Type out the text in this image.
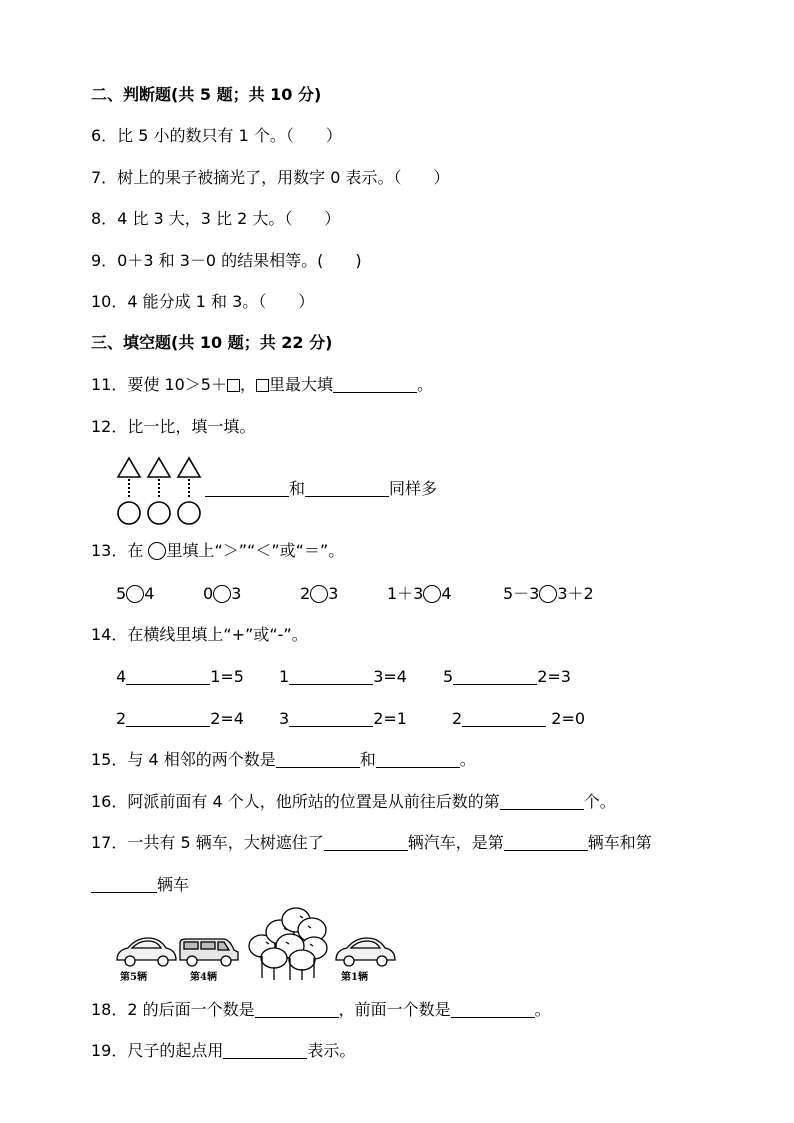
二、判断题(共 5 题；共 10 分)
6．比 5 小的数只有 1 个。（　　）
7．树上的果子被摘光了，用数字 0 表示。（　　）
8．4 比 3 大，3 比 2 大。（　　）
9．0＋3 和 3－0 的结果相等。(　　)
10．4 能分成 1 和 3。（　　）
三、填空题(共 10 题；共 22 分)
11．要使 10＞5＋ ， 里最大填	。
12．比一比，填一填。
和	同样多
13．在 里填上“＞”“＜”或“＝”。
5 4	0 3	2 3	1＋3 4	5－3 3＋2
14．在横线里填上“+”或“-”。
4	1=5 1	3=4 5	2=3
2	2=4 3	2=1	2	2=0
15．与 4 相邻的两个数是	和	。
16．阿派前面有 4 个人，他所站的位置是从前往后数的第	个。
17．一共有 5 辆车，大树遮住了	辆汽车，是第	辆车和第
辆车
第5辆	第4辆	第1辆
18．2 的后面一个数是	，前面一个数是	。
19．尺子的起点用	表示。
